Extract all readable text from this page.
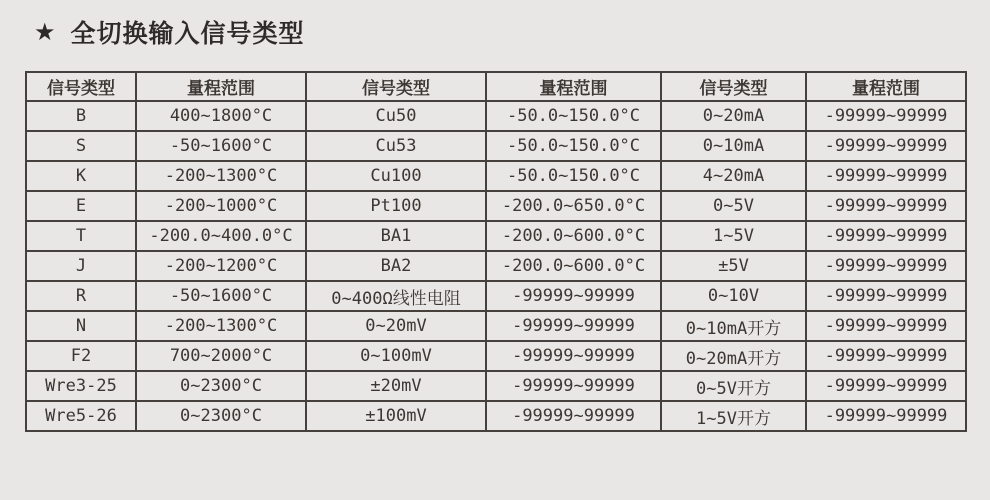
★ 全切换输入信号类型
信号类型	量程范围	信号类型	量程范围	信号类型	量程范围
B	400~1800°C	Cu50	-50.0~150.0°C	0~20mA	-99999~99999
S	-50~1600°C	Cu53	-50.0~150.0°C	0~10mA	-99999~99999
K	-200~1300°C	Cu100	-50.0~150.0°C	4~20mA	-99999~99999
E	-200~1000°C	Pt100	-200.0~650.0°C	0~5V	-99999~99999
T	-200.0~400.0°C	BA1	-200.0~600.0°C	1~5V	-99999~99999
J	-200~1200°C	BA2	-200.0~600.0°C	±5V	-99999~99999
R	-50~1600°C	0~400Ω线性电阻	-99999~99999	0~10V	-99999~99999
N	-200~1300°C	0~20mV	-99999~99999	0~10mA开方	-99999~99999
F2	700~2000°C	0~100mV	-99999~99999	0~20mA开方	-99999~99999
Wre3-25	0~2300°C	±20mV	-99999~99999	0~5V开方	-99999~99999
Wre5-26	0~2300°C	±100mV	-99999~99999	1~5V开方	-99999~99999
